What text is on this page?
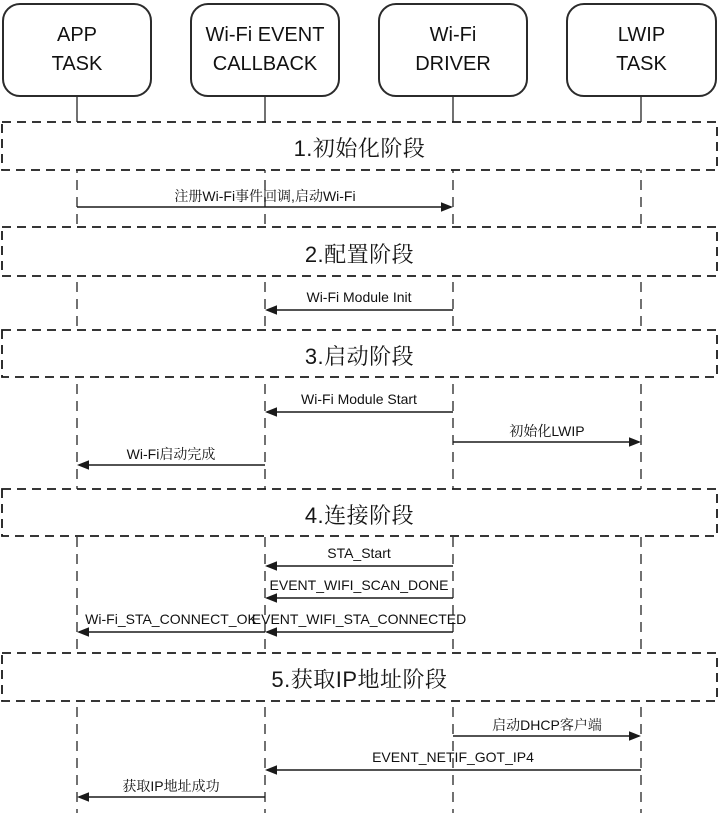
1.初始化阶段
2.配置阶段
3.启动阶段
4.连接阶段
5.获取IP地址阶段
注册Wi-Fi事件回调,启动Wi-Fi
Wi-Fi Module Init
Wi-Fi Module Start
初始化LWIP
Wi-Fi启动完成
STA_Start
EVENT_WIFI_SCAN_DONE
Wi-Fi_STA_CONNECT_OK
EVENT_WIFI_STA_CONNECTED
启动DHCP客户端
EVENT_NETIF_GOT_IP4
获取IP地址成功
APP
TASK
Wi-Fi EVENT
CALLBACK
Wi-Fi
DRIVER
LWIP
TASK
